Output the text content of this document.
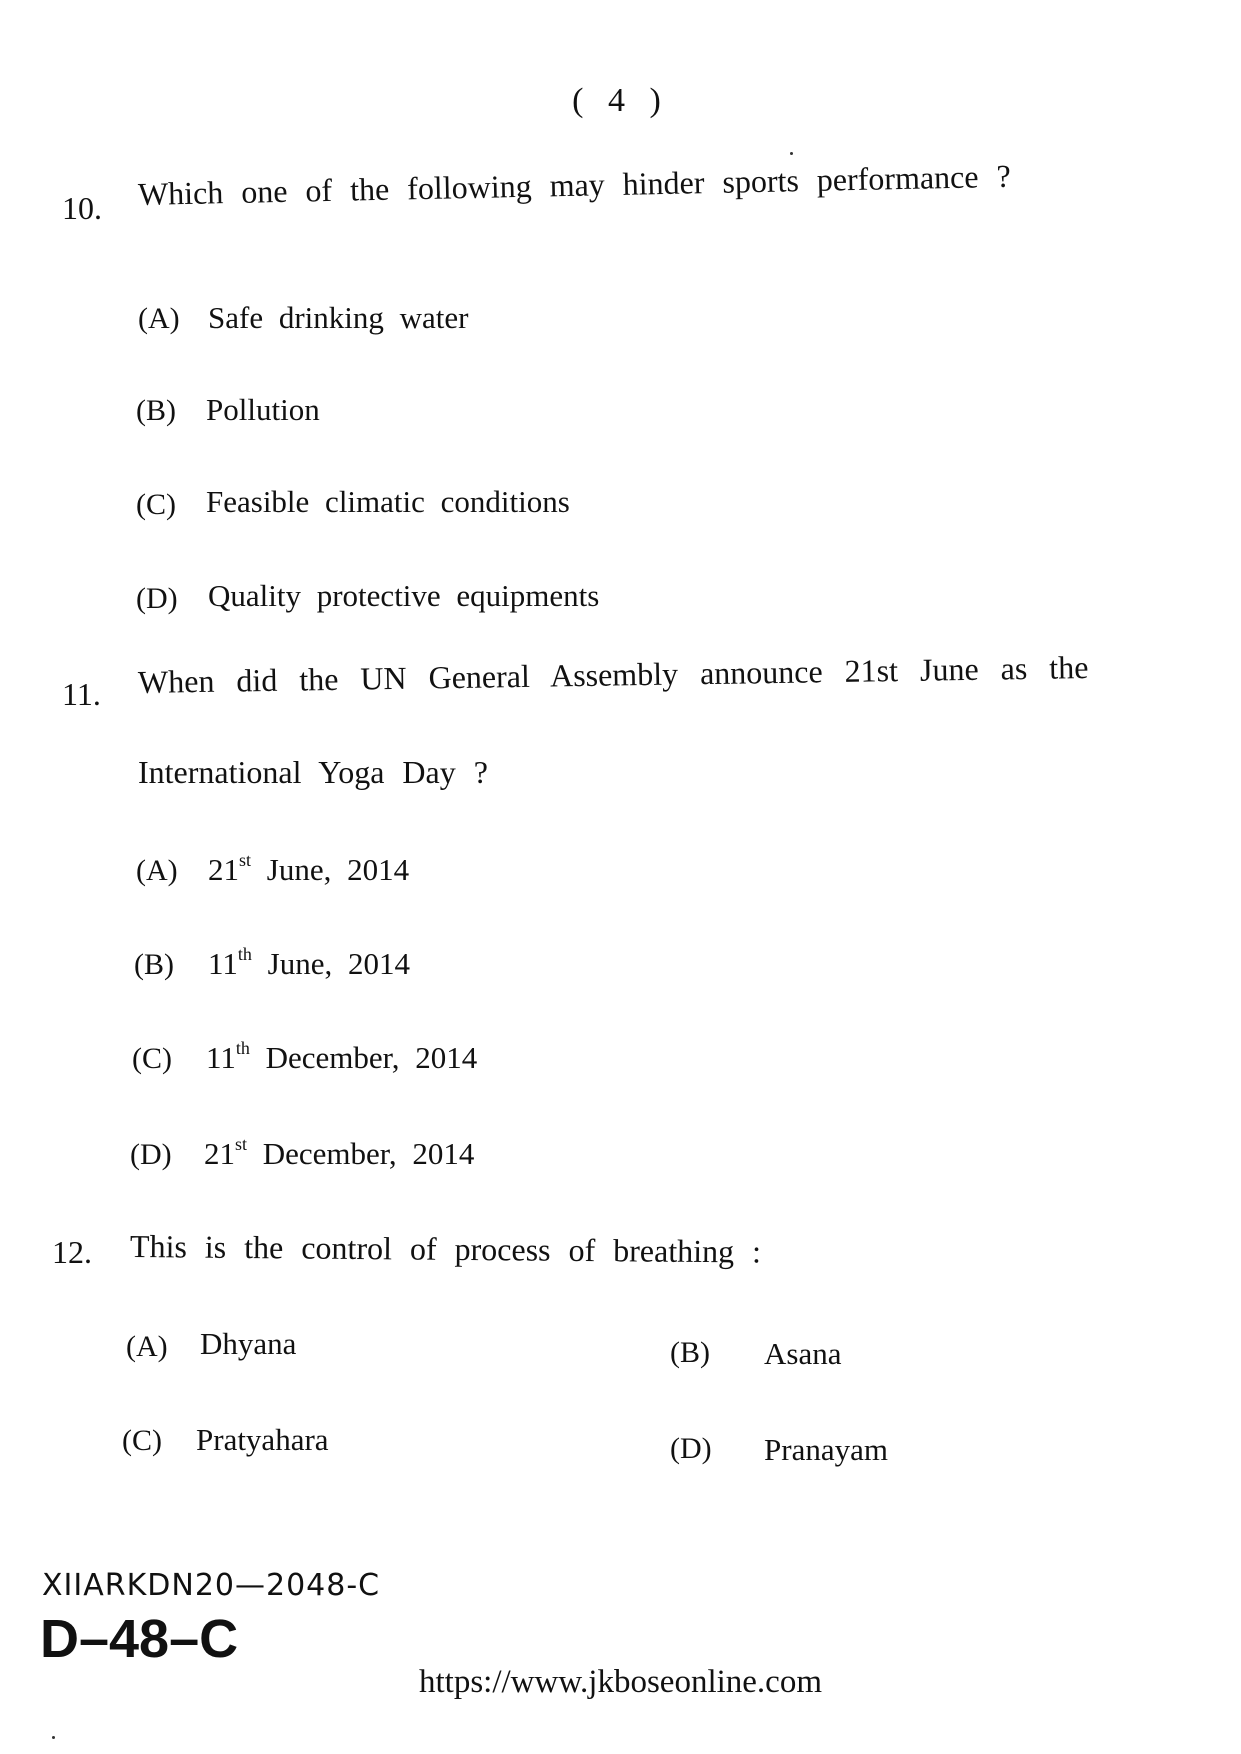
( 4 )
10. Which one of the following may hinder sports performance ?
(A) Safe drinking water
(B) Pollution
(C) Feasible climatic conditions
(D) Quality protective equipments
11. When did the UN General Assembly announce 21st June as the
International Yoga Day ?
(A) 21st June, 2014
(B) 11th June, 2014
(C) 11th December, 2014
(D) 21st December, 2014
12. This is the control of process of breathing :
(A) Dhyana	(B) Asana
(C) Pratyahara	(D) Pranayam
XIIARKDN20—2048-C
D–48–C
https://www.jkboseonline.com
